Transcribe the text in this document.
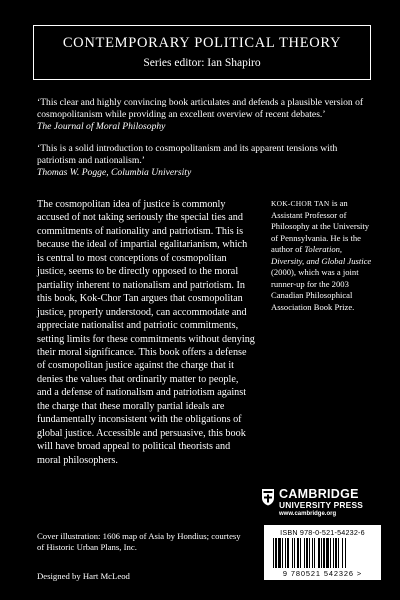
CONTEMPORARY POLITICAL THEORY
Series editor: Ian Shapiro
‘This clear and highly convincing book articulates and defends a plausible version of cosmopolitanism while providing an excellent overview of recent debates.’
The Journal of Moral Philosophy
‘This is a solid introduction to cosmopolitanism and its apparent tensions with patriotism and nationalism.’
Thomas W. Pogge, Columbia University
The cosmopolitan idea of justice is commonly accused of not taking seriously the special ties and commitments of nationality and patriotism. This is because the ideal of impartial egalitarianism, which is central to most conceptions of cosmopolitan justice, seems to be directly opposed to the moral partiality inherent to nationalism and patriotism. In this book, Kok-Chor Tan argues that cosmopolitan justice, properly understood, can accommodate and appreciate nationalist and patriotic commitments, setting limits for these commitments without denying their moral significance. This book offers a defense of cosmopolitan justice against the charge that it denies the values that ordinarily matter to people, and a defense of nationalism and patriotism against the charge that these morally partial ideals are fundamentally inconsistent with the obligations of global justice. Accessible and persuasive, this book will have broad appeal to political theorists and moral philosophers.
KOK-CHOR TAN is an Assistant Professor of Philosophy at the University of Pennsylvania. He is the author of Toleration, Diversity, and Global Justice (2000), which was a joint runner-up for the 2003 Canadian Philosophical Association Book Prize.
CAMBRIDGE
UNIVERSITY PRESS
www.cambridge.org
ISBN 978-0-521-54232-6
9 780521 542326 >
Cover illustration: 1606 map of Asia by Hondius; courtesy of Historic Urban Plans, Inc.
Designed by Hart McLeod
